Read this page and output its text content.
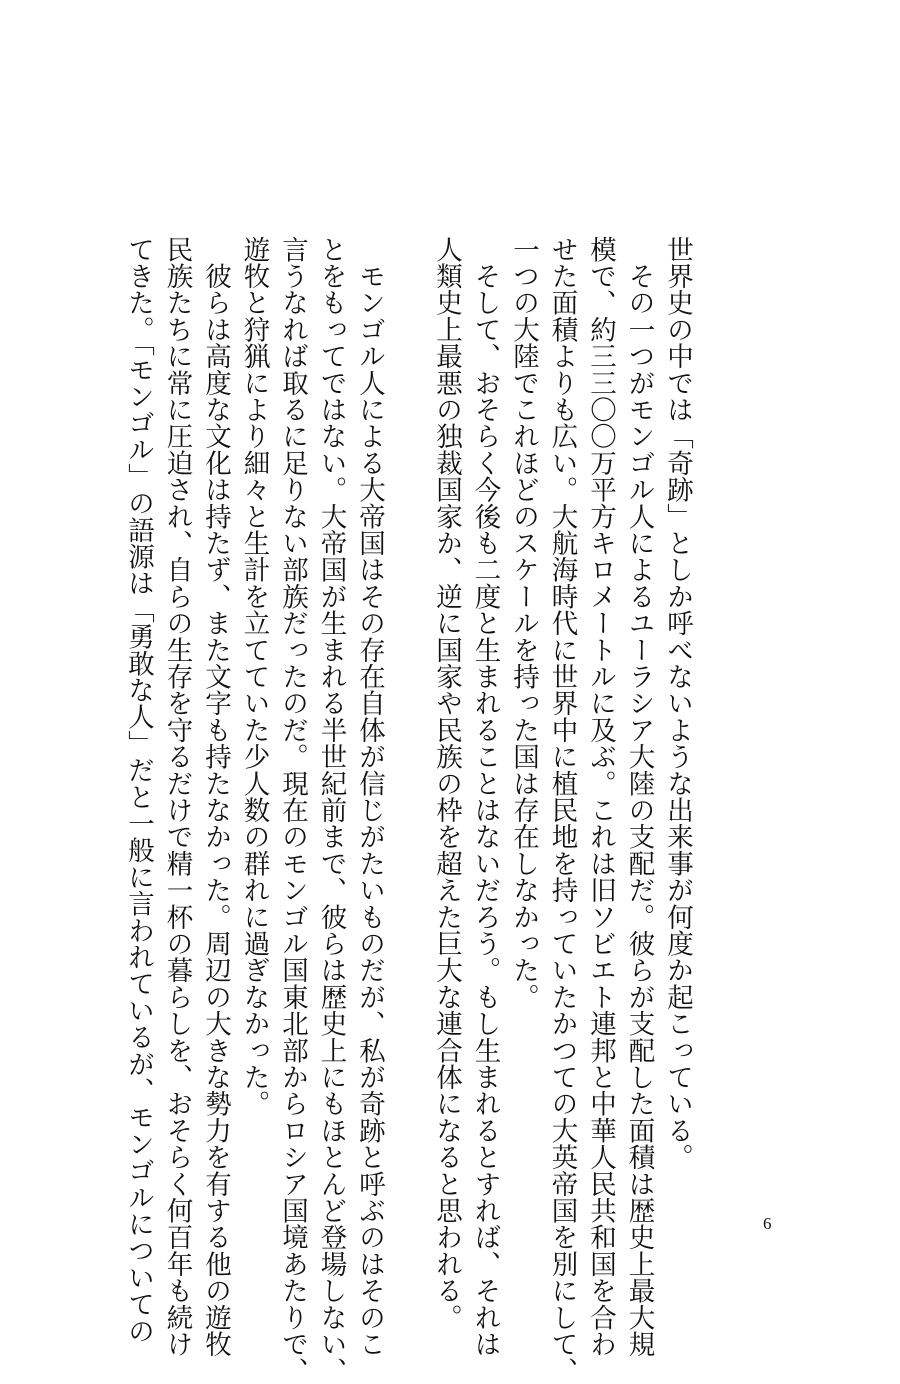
世界史の中では「奇跡」としか呼べないような出来事が何度か起こっている。
　その一つがモンゴル人によるユーラシア大陸の支配だ。彼らが支配した面積は歴史上最大規
模で、約三三〇〇万平方キロメートルに及ぶ。これは旧ソビエト連邦と中華人民共和国を合わ
せた面積よりも広い。大航海時代に世界中に植民地を持っていたかつての大英帝国を別にして、
一つの大陸でこれほどのスケールを持った国は存在しなかった。
　そして、おそらく今後も二度と生まれることはないだろう。もし生まれるとすれば、それは
人類史上最悪の独裁国家か、逆に国家や民族の枠を超えた巨大な連合体になると思われる。
　モンゴル人による大帝国はその存在自体が信じがたいものだが、私が奇跡と呼ぶのはそのこ
とをもってではない。大帝国が生まれる半世紀前まで、彼らは歴史上にもほとんど登場しない、
言うなれば取るに足りない部族だったのだ。現在のモンゴル国東北部からロシア国境あたりで、
遊牧と狩猟により細々と生計を立てていた少人数の群れに過ぎなかった。
　彼らは高度な文化は持たず、また文字も持たなかった。周辺の大きな勢力を有する他の遊牧
民族たちに常に圧迫され、自らの生存を守るだけで精一杯の暮らしを、おそらく何百年も続け
てきた。「モンゴル」の語源は「勇敢な人」だと一般に言われているが、モンゴルについての	6
